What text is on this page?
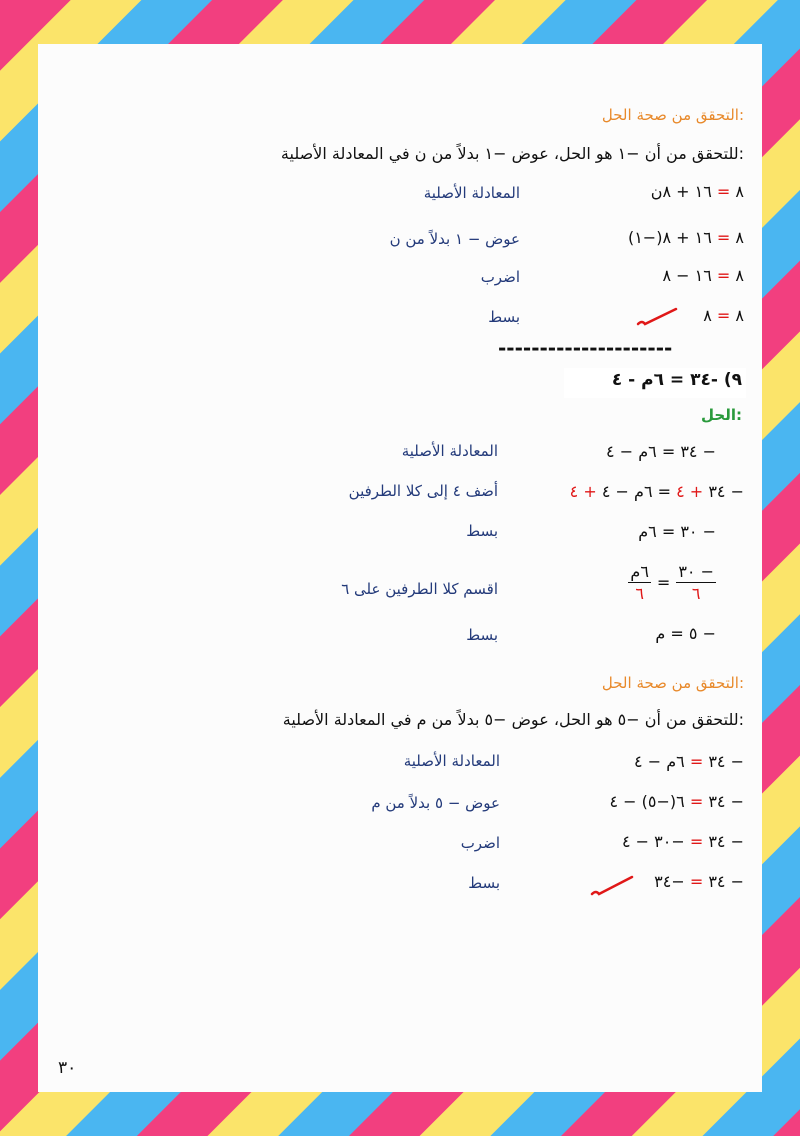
التحقق من صحة الحل:
للتحقق من أن −١ هو الحل، عوض −١ بدلاً من ن في المعادلة الأصلية:
٨ = ١٦ + ٨ن
المعادلة الأصلية
٨ = ١٦ + ٨(−١)
عوض − ١ بدلاً من ن
٨ = ١٦ − ٨
اضرب
٨ = ٨
بسط
---------------------
٩) -٣٤ = ٦م - ٤
الحل:
− ٣٤ = ٦م − ٤
المعادلة الأصلية
− ٣٤ + ٤ = ٦م − ٤ + ٤
أضف ٤ إلى كلا الطرفين
− ٣٠ = ٦م
بسط
$\frac{- ٣٠}{٦}$
=
$\frac{\text{٦م}}{٦}$
اقسم كلا الطرفين على ٦
− ٥ = م
بسط
التحقق من صحة الحل:
للتحقق من أن −٥ هو الحل، عوض −٥ بدلاً من م في المعادلة الأصلية:
− ٣٤ = ٦م − ٤
المعادلة الأصلية
− ٣٤ = ٦(−٥) − ٤
عوض − ٥ بدلاً من م
− ٣٤ = −٣٠ − ٤
اضرب
− ٣٤ = −٣٤
بسط
٣٠
